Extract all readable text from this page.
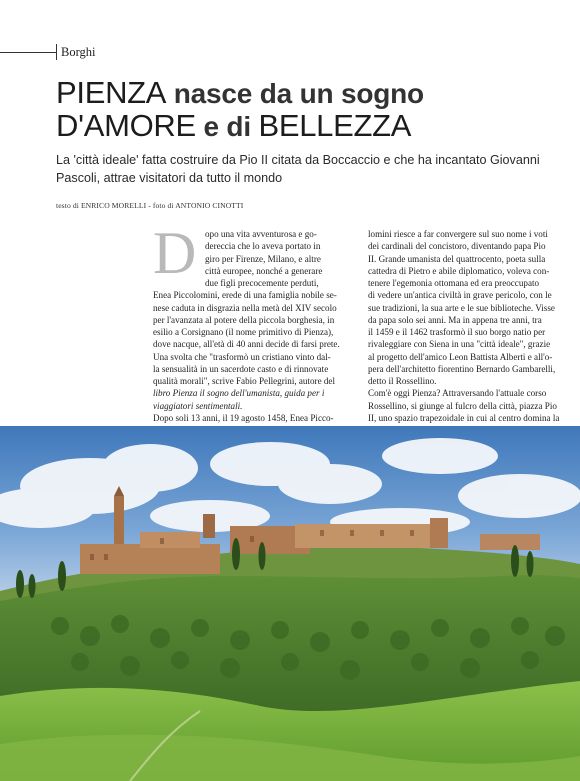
Borghi
PIENZA nasce da un sogno
D'AMORE e di BELLEZZA

La 'città ideale' fatta costruire da Pio II citata da Boccaccio e che ha incantato Giovanni Pascoli, attrae visitatori da tutto il mondo

testo di ENRICO MORELLI - foto di ANTONIO CINOTTI
D opo una vita avventurosa e go-
dereccia che lo aveva portato in
giro per Firenze, Milano, e altre
città europee, nonché a generare
due figli precocemente perduti,
Enea Piccolomini, erede di una famiglia nobile se-
nese caduta in disgrazia nella metà del XIV secolo
per l'avanzata al potere della piccola borghesia, in
esilio a Corsignano (il nome primitivo di Pienza),
dove nacque, all'età di 40 anni decide di farsi prete.
Una svolta che "trasformò un cristiano vinto dal-
la sensualità in un sacerdote casto e di rinnovate
qualità morali", scrive Fabio Pellegrini, autore del
libro Pienza il sogno dell'umanista, guida per i
viaggiatori sentimentali.
Dopo soli 13 anni, il 19 agosto 1458, Enea Picco-
lomini riesce a far convergere sul suo nome i voti
dei cardinali del concistoro, diventando papa Pio
II. Grande umanista del quattrocento, poeta sulla
cattedra di Pietro e abile diplomatico, voleva con-
tenere l'egemonia ottomana ed era preoccupato
di vedere un'antica civiltà in grave pericolo, con le
sue tradizioni, la sua arte e le sue biblioteche. Visse
da papa solo sei anni. Ma in appena tre anni, tra
il 1459 e il 1462 trasformò il suo borgo natio per
rivaleggiare con Siena in una "città ideale", grazie
al progetto dell'amico Leon Battista Alberti e all'o-
pera dell'architetto fiorentino Bernardo Gambarelli,
detto il Rossellino.
Com'è oggi Pienza? Attraversando l'attuale corso
Rossellino, si giunge al fulcro della città, piazza Pio
II, uno spazio trapezoidale in cui al centro domina la
